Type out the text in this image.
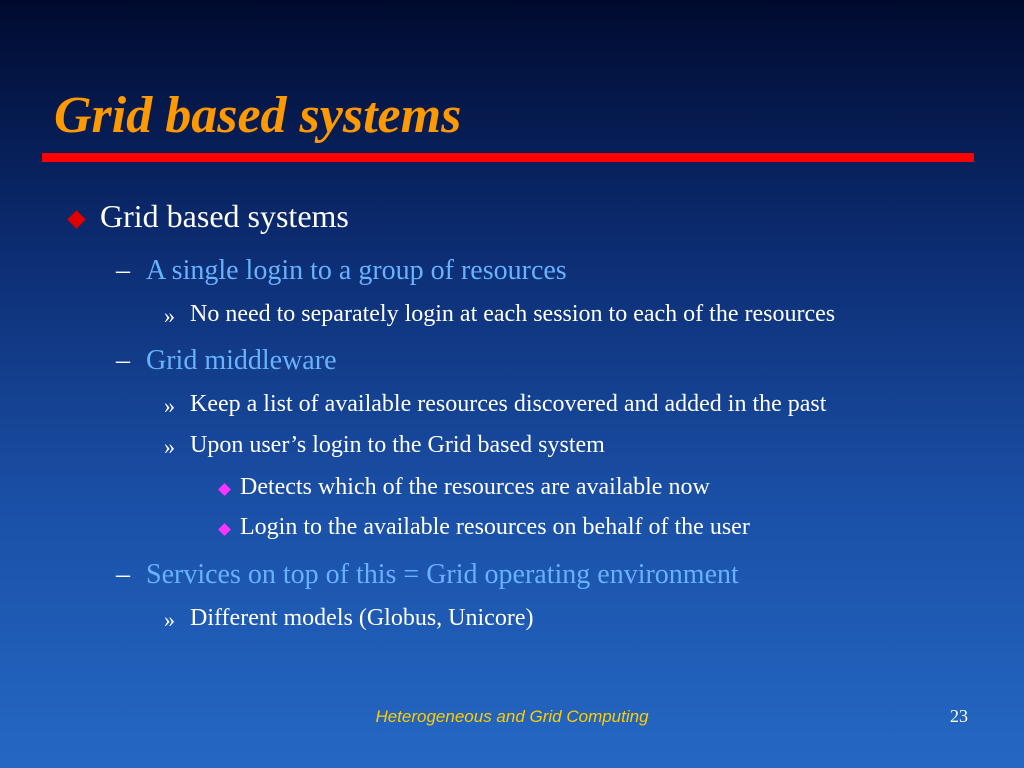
Grid based systems
Grid based systems
– A single login to a group of resources
» No need to separately login at each session to each of the resources
– Grid middleware
» Keep a list of available resources discovered and added in the past
» Upon user’s login to the Grid based system
Detects which of the resources are available now
Login to the available resources on behalf of the user
– Services on top of this = Grid operating environment
» Different models (Globus, Unicore)
Heterogeneous and Grid Computing	23
